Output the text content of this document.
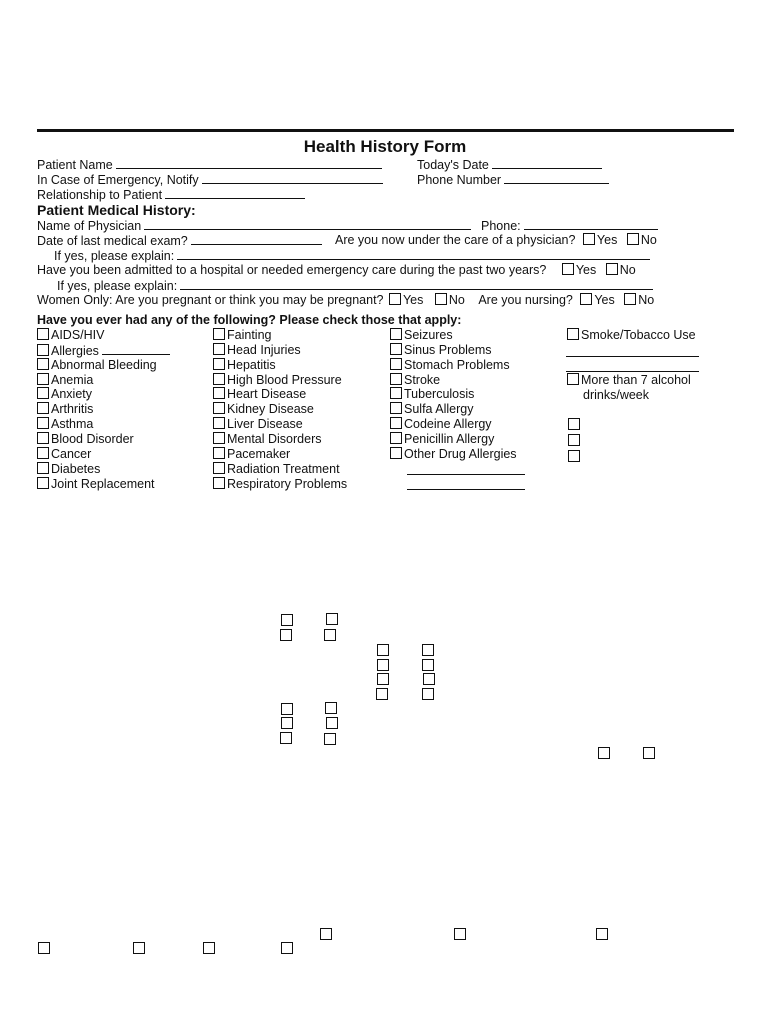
Health History Form
Patient Name	Today's Date
In Case of Emergency, Notify	Phone Number
Relationship to Patient
Patient Medical History:
Name of Physician	Phone:
Date of last medical exam?	Are you now under the care of a physician? Yes No
If yes, please explain:
Have you been admitted to a hospital or needed emergency care during the past two years? Yes No
If yes, please explain:
Women Only: Are you pregnant or think you may be pregnant? Yes No Are you nursing? Yes No
Have you ever had any of the following? Please check those that apply:
AIDS/HIV
Allergies
Abnormal Bleeding
Anemia
Anxiety
Arthritis
Asthma
Blood Disorder
Cancer
Diabetes
Joint Replacement
Fainting
Head Injuries
Hepatitis
High Blood Pressure
Heart Disease
Kidney Disease
Liver Disease
Mental Disorders
Pacemaker
Radiation Treatment
Respiratory Problems
Seizures
Sinus Problems
Stomach Problems
Stroke
Tuberculosis
Sulfa Allergy
Codeine Allergy
Penicillin Allergy
Other Drug Allergies
Smoke/Tobacco Use
More than 7 alcohol
drinks/week
